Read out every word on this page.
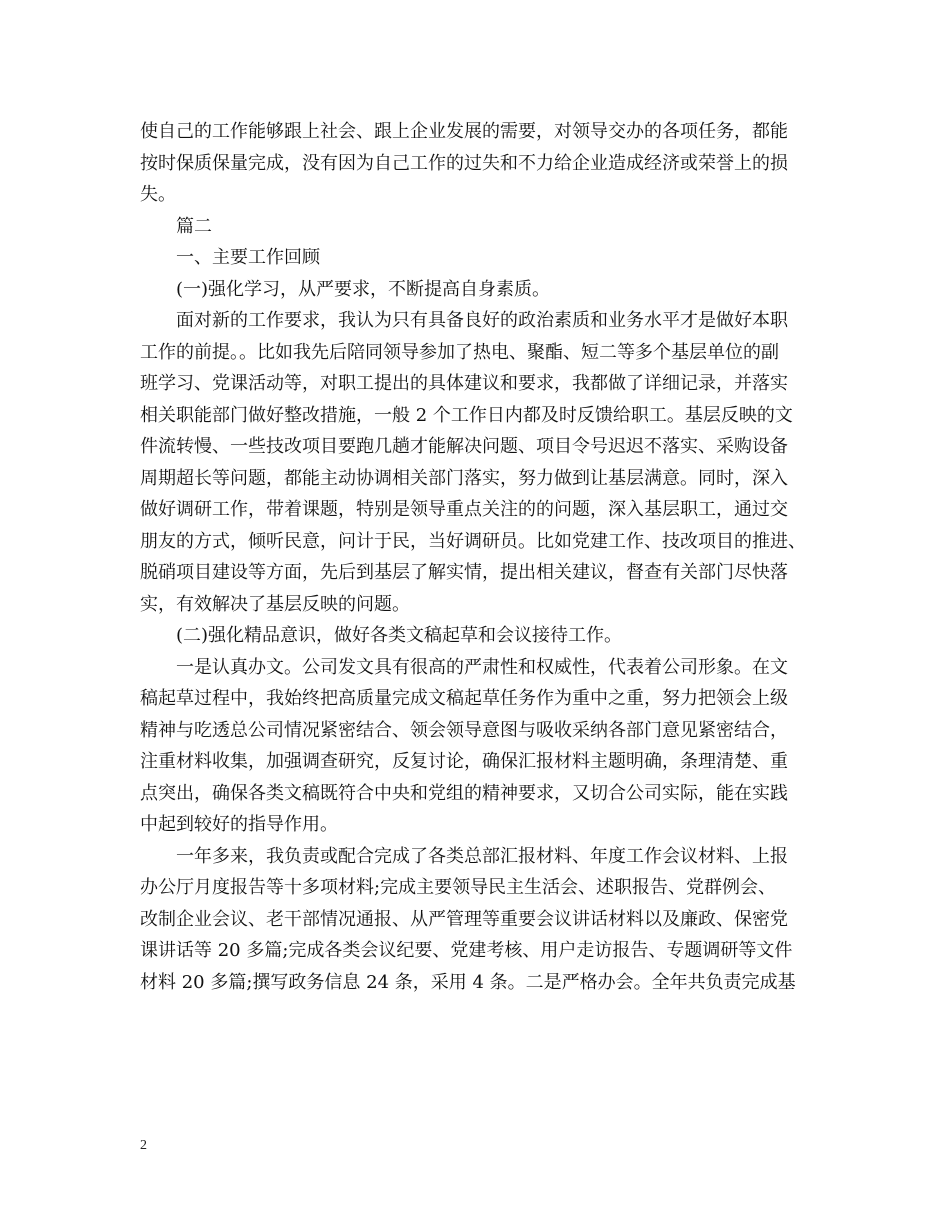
使自己的工作能够跟上社会、跟上企业发展的需要，对领导交办的各项任务，都能
按时保质保量完成，没有因为自己工作的过失和不力给企业造成经济或荣誉上的损
失。
篇二
一、主要工作回顾
(一)强化学习，从严要求，不断提高自身素质。
面对新的工作要求，我认为只有具备良好的政治素质和业务水平才是做好本职
工作的前提。。比如我先后陪同领导参加了热电、聚酯、短二等多个基层单位的副
班学习、党课活动等，对职工提出的具体建议和要求，我都做了详细记录，并落实
相关职能部门做好整改措施，一般 2 个工作日内都及时反馈给职工。基层反映的文
件流转慢、一些技改项目要跑几趟才能解决问题、项目令号迟迟不落实、采购设备
周期超长等问题，都能主动协调相关部门落实，努力做到让基层满意。同时，深入
做好调研工作，带着课题，特别是领导重点关注的的问题，深入基层职工，通过交
朋友的方式，倾听民意，问计于民，当好调研员。比如党建工作、技改项目的推进、
脱硝项目建设等方面，先后到基层了解实情，提出相关建议，督查有关部门尽快落
实，有效解决了基层反映的问题。
(二)强化精品意识，做好各类文稿起草和会议接待工作。
一是认真办文。公司发文具有很高的严肃性和权威性，代表着公司形象。在文
稿起草过程中，我始终把高质量完成文稿起草任务作为重中之重，努力把领会上级
精神与吃透总公司情况紧密结合、领会领导意图与吸收采纳各部门意见紧密结合，
注重材料收集，加强调查研究，反复讨论，确保汇报材料主题明确，条理清楚、重
点突出，确保各类文稿既符合中央和党组的精神要求，又切合公司实际，能在实践
中起到较好的指导作用。
一年多来，我负责或配合完成了各类总部汇报材料、年度工作会议材料、上报
办公厅月度报告等十多项材料;完成主要领导民主生活会、述职报告、党群例会、
改制企业会议、老干部情况通报、从严管理等重要会议讲话材料以及廉政、保密党
课讲话等 20 多篇;完成各类会议纪要、党建考核、用户走访报告、专题调研等文件
材料 20 多篇;撰写政务信息 24 条，采用 4 条。二是严格办会。全年共负责完成基
2
